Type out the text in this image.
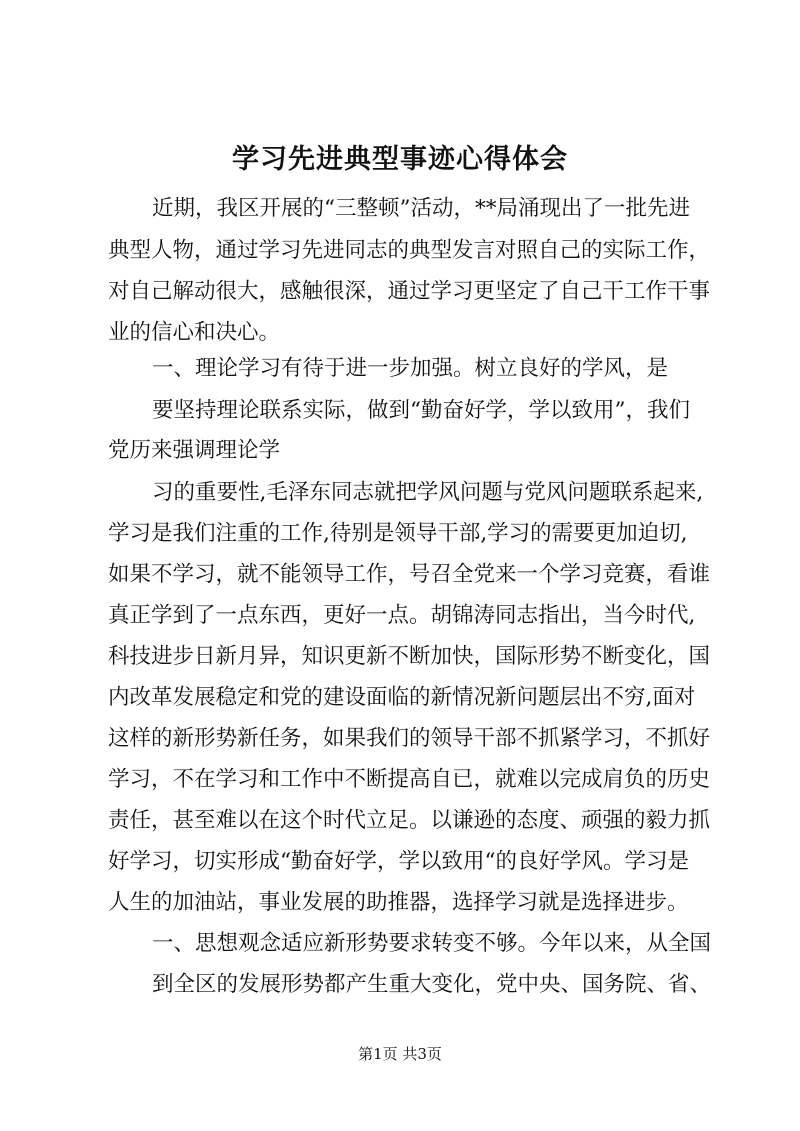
学习先进典型事迹心得体会
近期，我区开展的“三整顿”活动，**局涌现出了一批先进
典型人物，通过学习先进同志的典型发言对照自己的实际工作，
对自己解动很大，感触很深，通过学习更坚定了自己干工作干事
业的信心和决心。
一、理论学习有待于进一步加强。树立良好的学风，是
要坚持理论联系实际，做到“勤奋好学，学以致用”，我们
党历来强调理论学
习的重要性,毛泽东同志就把学风问题与党风问题联系起来,
学习是我们注重的工作,待别是领导干部,学习的需要更加迫切,
如果不学习，就不能领导工作，号召全党来一个学习竞赛，看谁
真正学到了一点东西，更好一点。胡锦涛同志指出，当今时代,
科技进步日新月异，知识更新不断加快，国际形势不断变化，国
内改革发展稳定和党的建设面临的新情况新问题层出不穷,面对
这样的新形势新任务，如果我们的领导干部不抓紧学习，不抓好
学习，不在学习和工作中不断提高自已，就难以完成肩负的历史
责任，甚至难以在这个时代立足。以谦逊的态度、顽强的毅力抓
好学习，切实形成“勤奋好学，学以致用“的良好学风。学习是
人生的加油站，事业发展的助推器，选择学习就是选择进步。
一、思想观念适应新形势要求转变不够。今年以来，从全国
到全区的发展形势都产生重大变化，党中央、国务院、省、
第1页 共3页
